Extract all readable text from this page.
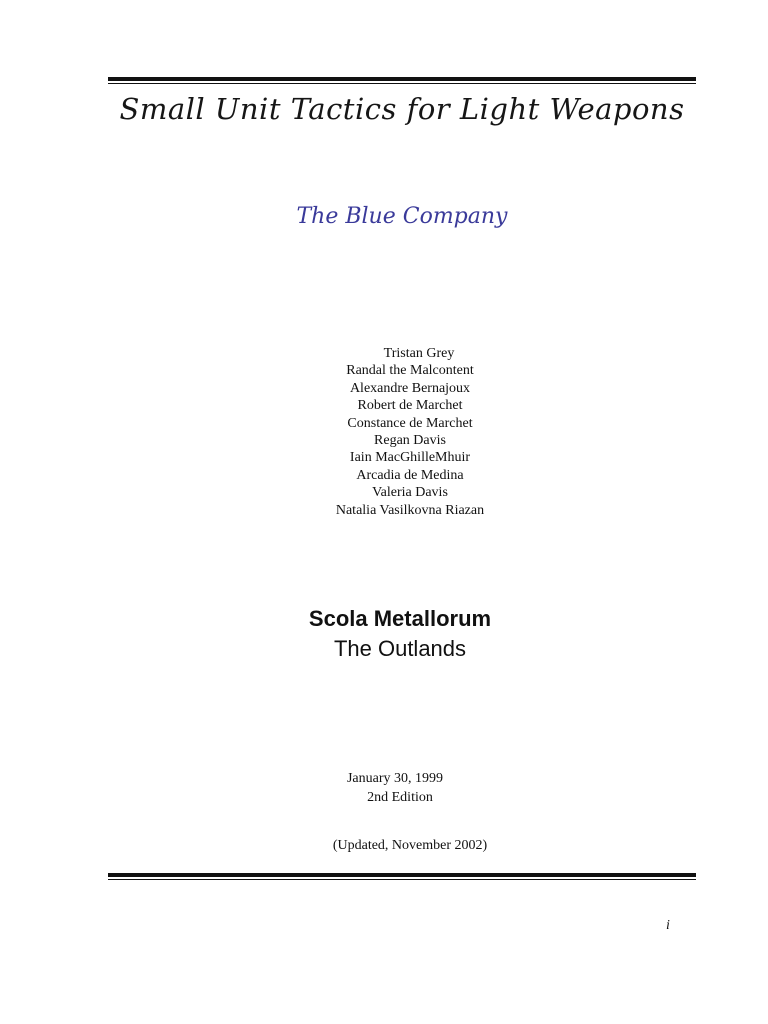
Small Unit Tactics for Light Weapons
The Blue Company
Tristan Grey
Randal the Malcontent
Alexandre Bernajoux
Robert de Marchet
Constance de Marchet
Regan Davis
Iain MacGhilleMhuir
Arcadia de Medina
Valeria Davis
Natalia Vasilkovna Riazan
Scola Metallorum
The Outlands
January 30, 1999
2nd Edition
(Updated, November 2002)
i
